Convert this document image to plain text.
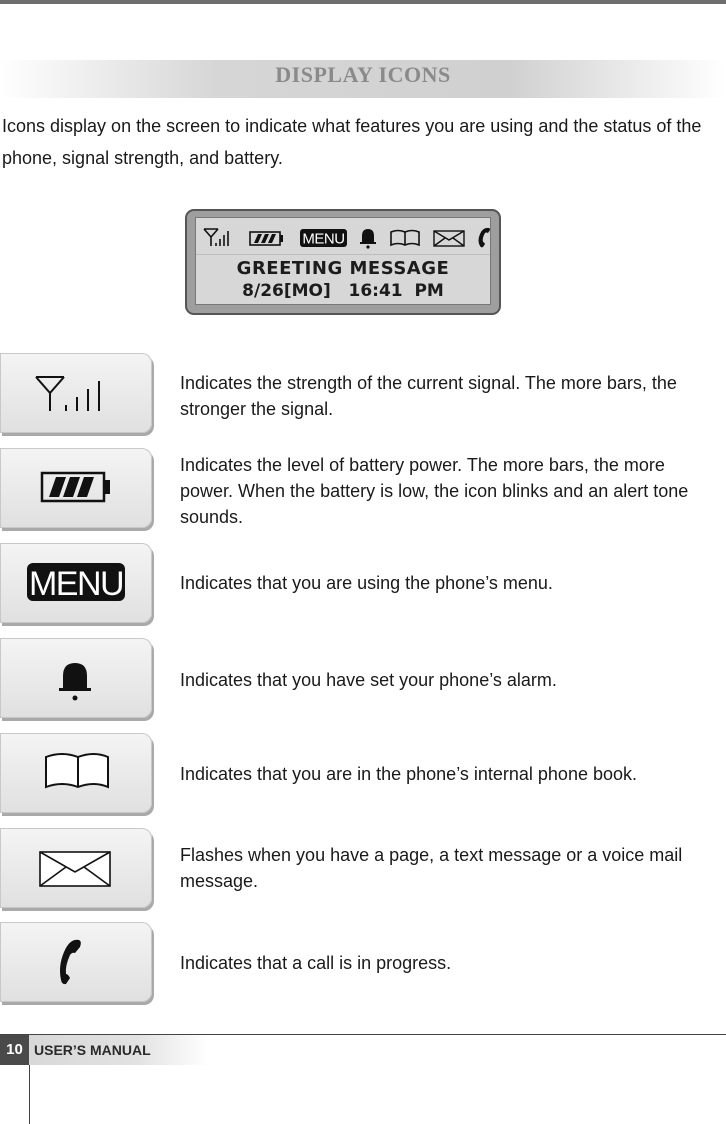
DISPLAY ICONS

Icons display on the screen to indicate what features you are using and the status of the phone, signal strength, and battery.

MENU
GREETING MESSAGE
8/26[MO]   16:41  PM

Indicates the strength of the current signal. The more bars, the stronger the signal.

Indicates the level of battery power. The more bars, the more power. When the battery is low, the icon blinks and an alert tone sounds.

MENU	Indicates that you are using the phone’s menu.

Indicates that you have set your phone’s alarm.

Indicates that you are in the phone’s internal phone book.

Flashes when you have a page, a text message or a voice mail message.

Indicates that a call is in progress.

10 USER’S MANUAL
